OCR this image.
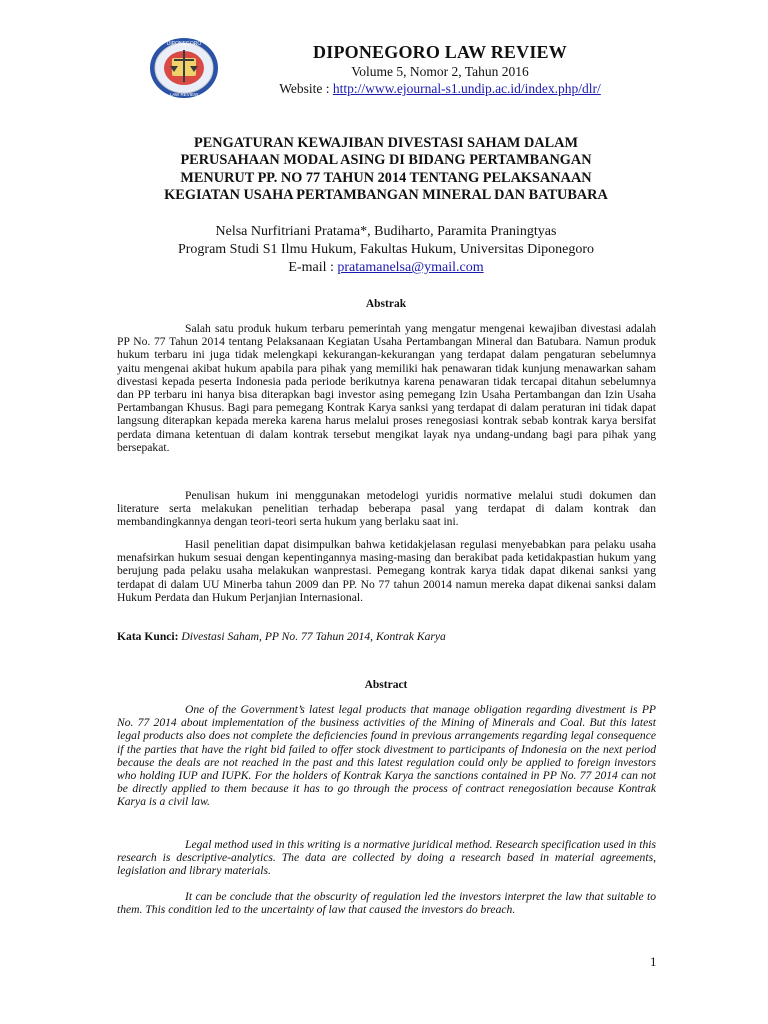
DIPONEGORO
LAW REVIEW
DIPONEGORO LAW REVIEW
Volume 5, Nomor 2, Tahun 2016
Website : http://www.ejournal-s1.undip.ac.id/index.php/dlr/
PENGATURAN KEWAJIBAN DIVESTASI SAHAM DALAM
PERUSAHAAN MODAL ASING DI BIDANG PERTAMBANGAN
MENURUT PP. NO 77 TAHUN 2014 TENTANG PELAKSANAAN
KEGIATAN USAHA PERTAMBANGAN MINERAL DAN BATUBARA
Nelsa Nurfitriani Pratama*, Budiharto, Paramita Praningtyas
Program Studi S1 Ilmu Hukum, Fakultas Hukum, Universitas Diponegoro
E-mail : pratamanelsa@ymail.com
Abstrak

Salah satu produk hukum terbaru pemerintah yang mengatur mengenai kewajiban divestasi adalah PP No. 77 Tahun 2014 tentang Pelaksanaan Kegiatan Usaha Pertambangan Mineral dan Batubara. Namun produk hukum terbaru ini juga tidak melengkapi kekurangan-kekurangan yang terdapat dalam pengaturan sebelumnya yaitu mengenai akibat hukum apabila para pihak yang memiliki hak penawaran tidak kunjung menawarkan saham divestasi kepada peserta Indonesia pada periode berikutnya karena penawaran tidak tercapai ditahun sebelumnya dan PP terbaru ini hanya bisa diterapkan bagi investor asing pemegang Izin Usaha Pertambangan dan Izin Usaha Pertambangan Khusus. Bagi para pemegang Kontrak Karya sanksi yang terdapat di dalam peraturan ini tidak dapat langsung diterapkan kepada mereka karena harus melalui proses renegosiasi kontrak sebab kontrak karya bersifat perdata dimana ketentuan di dalam kontrak tersebut mengikat layak nya undang-undang bagi para pihak yang bersepakat.

Penulisan hukum ini menggunakan metodelogi yuridis normative melalui studi dokumen dan literature serta melakukan penelitian terhadap beberapa pasal yang terdapat di dalam kontrak dan membandingkannya dengan teori-teori serta hukum yang berlaku saat ini.

Hasil penelitian dapat disimpulkan bahwa ketidakjelasan regulasi menyebabkan para pelaku usaha menafsirkan hukum sesuai dengan kepentingannya masing-masing dan berakibat pada ketidakpastian hukum yang berujung pada pelaku usaha melakukan wanprestasi. Pemegang kontrak karya tidak dapat dikenai sanksi yang terdapat di dalam UU Minerba tahun 2009 dan PP. No 77 tahun 20014 namun mereka dapat dikenai sanksi dalam Hukum Perdata dan Hukum Perjanjian Internasional.

Kata Kunci: Divestasi Saham, PP No. 77 Tahun 2014, Kontrak Karya
Abstract

One of the Government’s latest legal products that manage obligation regarding divestment is PP No. 77 2014 about implementation of the business activities of the Mining of Minerals and Coal. But this latest legal products also does not complete the deficiencies found in previous arrangements regarding legal consequence if the parties that have the right bid failed to offer stock divestment to participants of Indonesia on the next period because the deals are not reached in the past and this latest regulation could only be applied to foreign investors who holding IUP and IUPK. For the holders of Kontrak Karya the sanctions contained in PP No. 77 2014 can not be directly applied to them because it has to go through the process of contract renegosiation because Kontrak Karya is a civil law.

Legal method used in this writing is a normative juridical method. Research specification used in this research is descriptive-analytics. The data are collected by doing a research based in material agreements, legislation and library materials.

It can be conclude that the obscurity of regulation led the investors interpret the law that suitable to them. This condition led to the uncertainty of law that caused the investors do breach.

1
